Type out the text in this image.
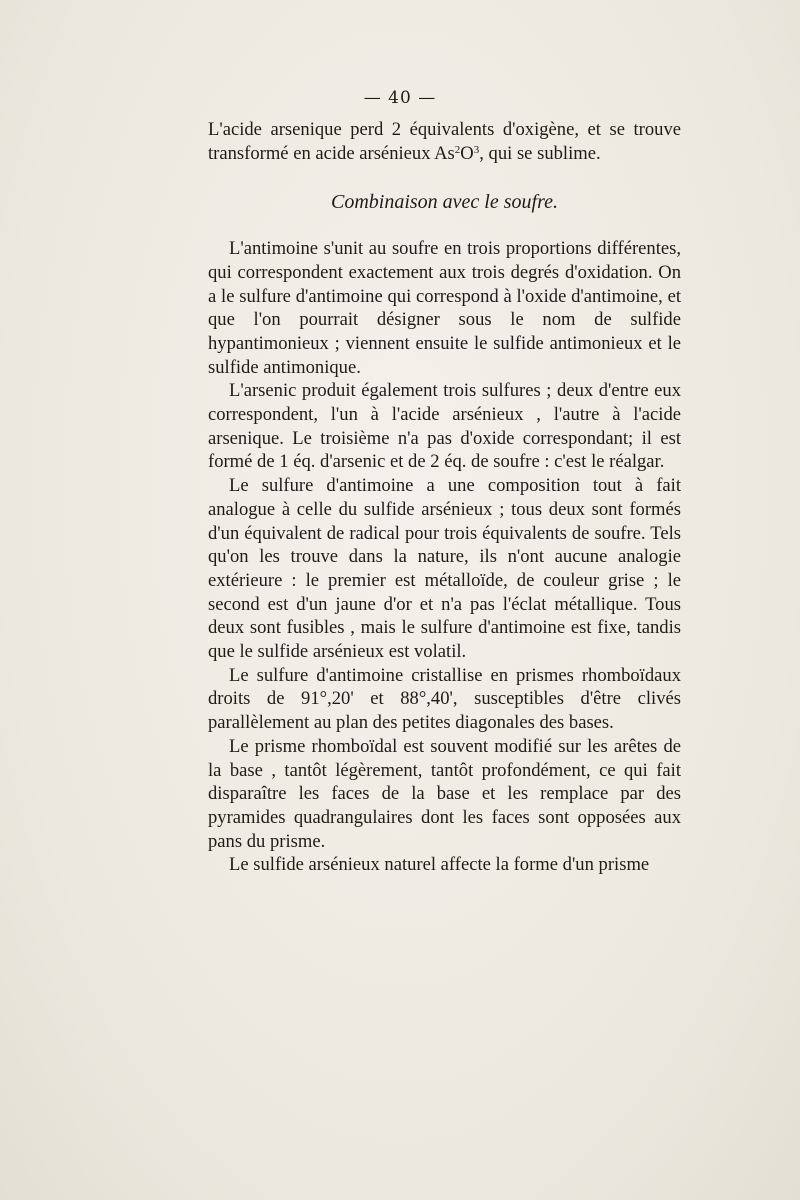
— 40 —

L'acide arsenique perd 2 équivalents d'oxigène, et se trouve transformé en acide arsénieux $As^2O^3$, qui se sublime.

Combinaison avec le soufre.

L'antimoine s'unit au soufre en trois proportions différentes, qui correspondent exactement aux trois degrés d'oxidation. On a le sulfure d'antimoine qui correspond à l'oxide d'antimoine, et que l'on pourrait désigner sous le nom de sulfide hypantimonieux ; viennent ensuite le sulfide antimonieux et le sulfide antimonique.

L'arsenic produit également trois sulfures ; deux d'entre eux correspondent, l'un à l'acide arsénieux , l'autre à l'acide arsenique. Le troisième n'a pas d'oxide correspondant; il est formé de 1 éq. d'arsenic et de 2 éq. de soufre : c'est le réalgar.

Le sulfure d'antimoine a une composition tout à fait analogue à celle du sulfide arsénieux ; tous deux sont formés d'un équivalent de radical pour trois équivalents de soufre. Tels qu'on les trouve dans la nature, ils n'ont aucune analogie extérieure : le premier est métalloïde, de couleur grise ; le second est d'un jaune d'or et n'a pas l'éclat métallique. Tous deux sont fusibles , mais le sulfure d'antimoine est fixe, tandis que le sulfide arsénieux est volatil.

Le sulfure d'antimoine cristallise en prismes rhomboïdaux droits de 91°,20' et 88°,40', susceptibles d'être clivés parallèlement au plan des petites diagonales des bases.

Le prisme rhomboïdal est souvent modifié sur les arêtes de la base , tantôt légèrement, tantôt profondément, ce qui fait disparaître les faces de la base et les remplace par des pyramides quadrangulaires dont les faces sont opposées aux pans du prisme.

Le sulfide arsénieux naturel affecte la forme d'un prisme
